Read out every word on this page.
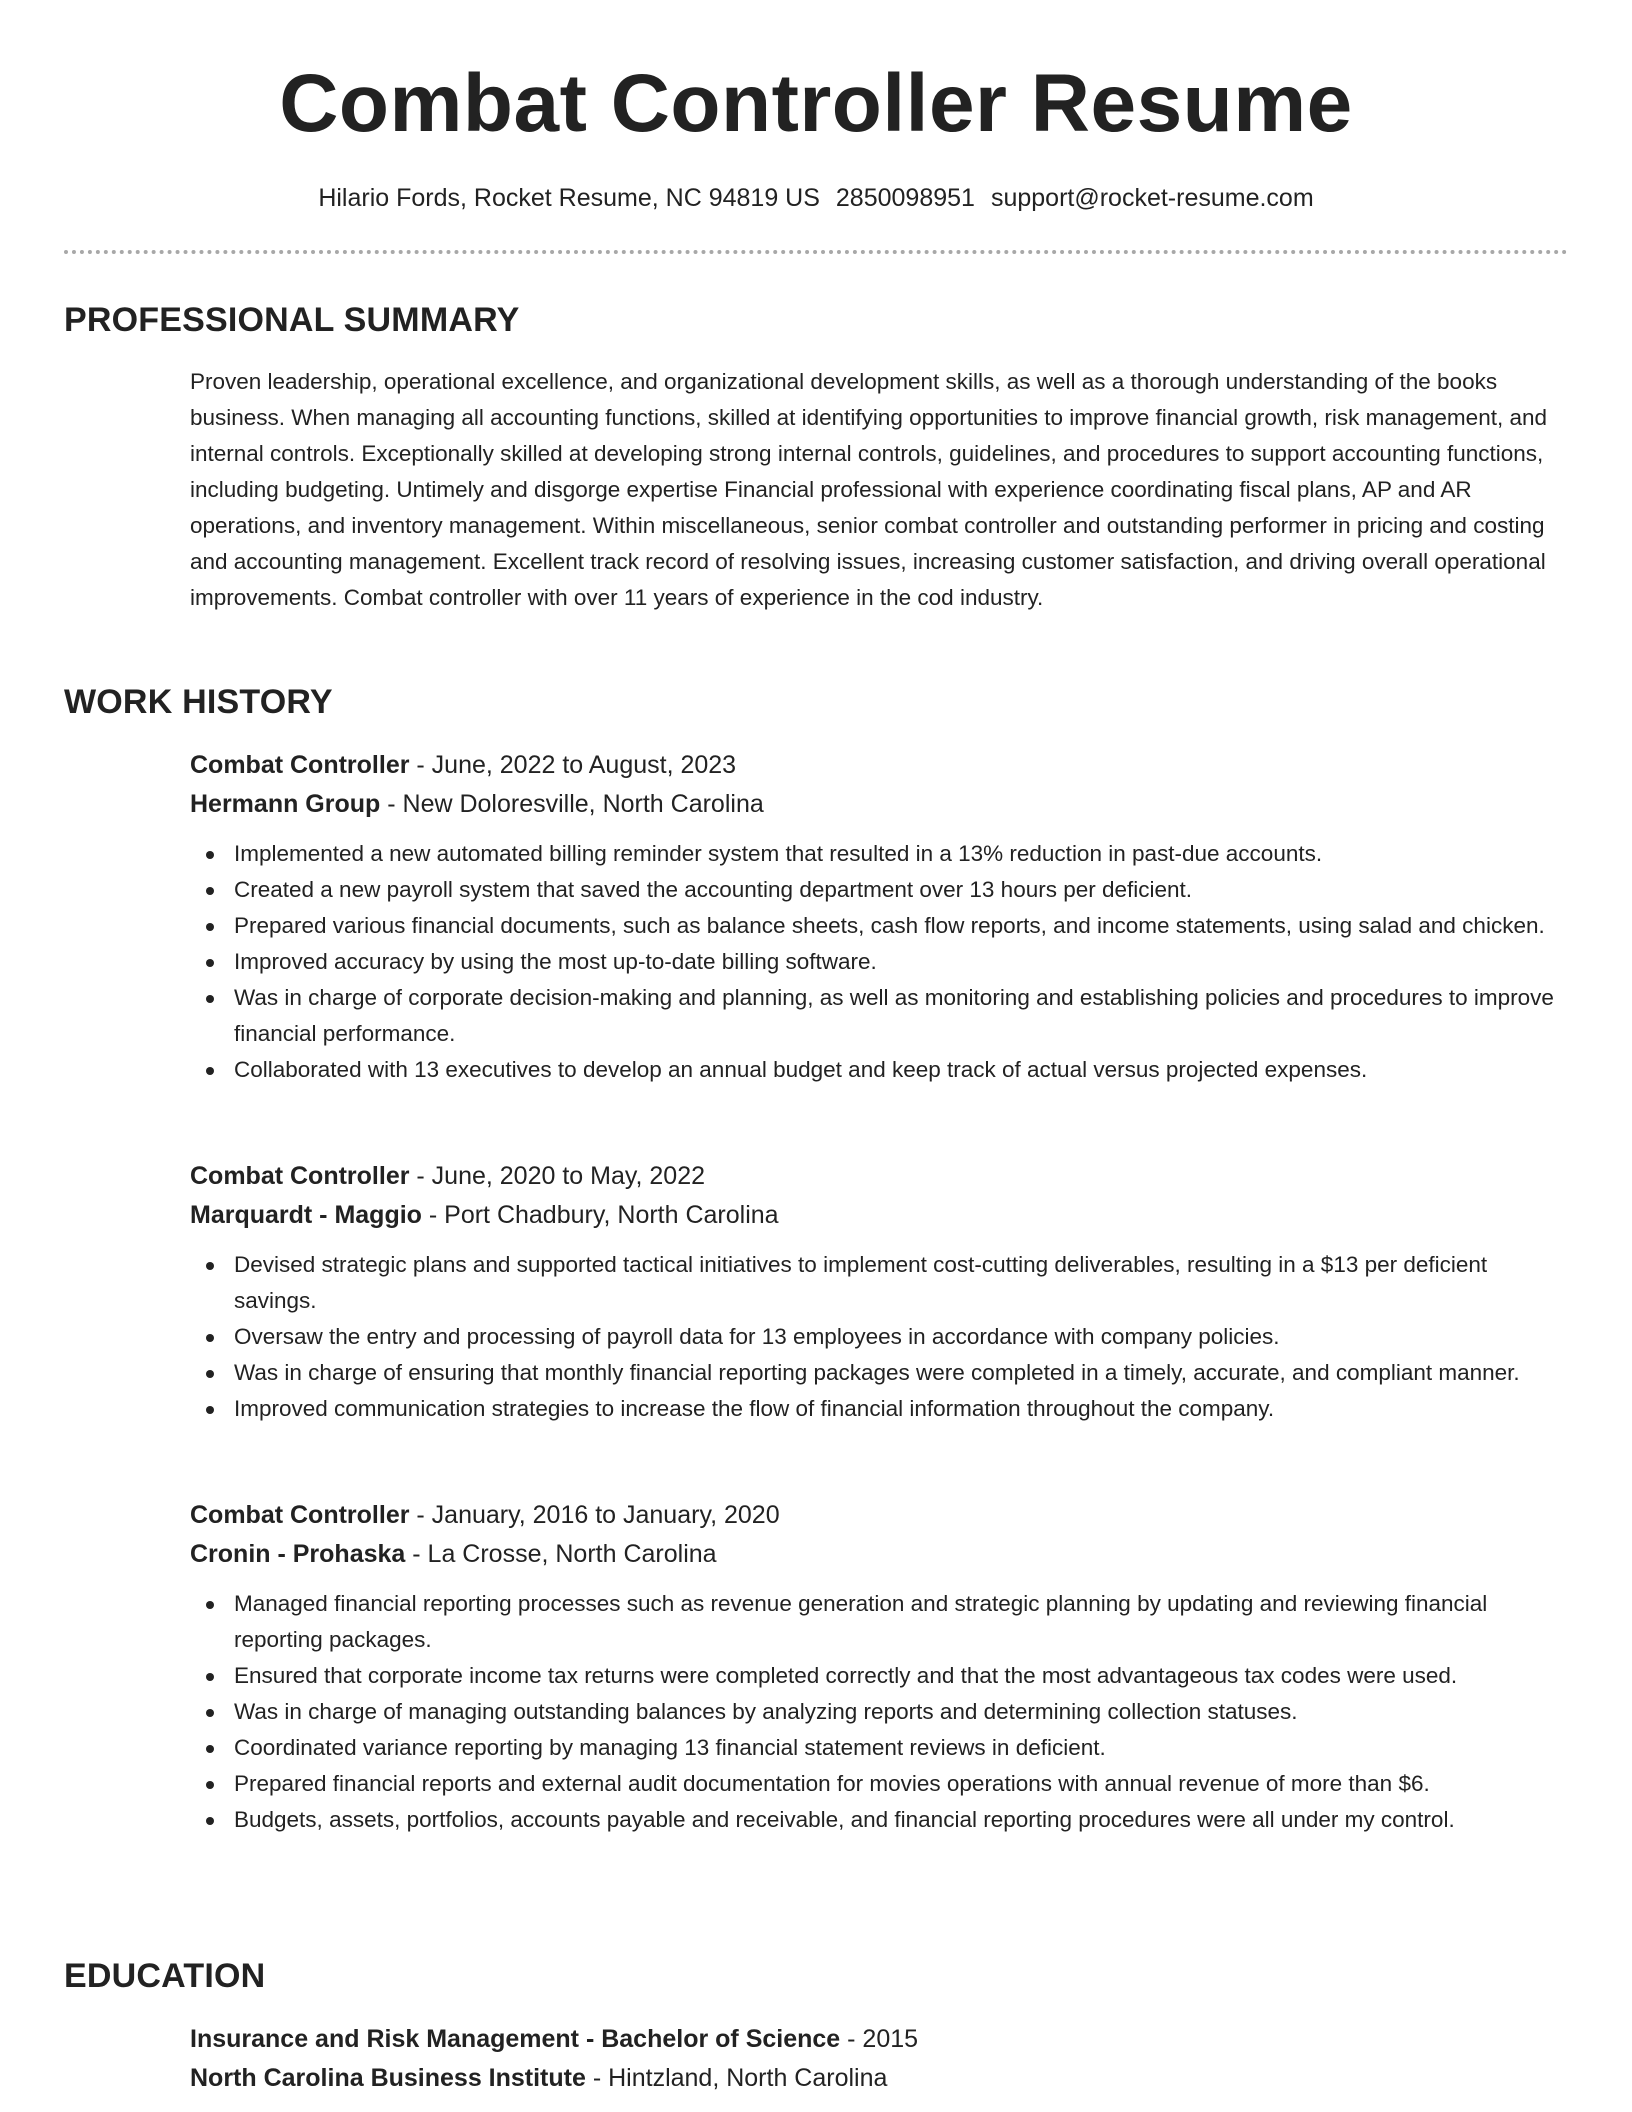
Combat Controller Resume
Hilario Fords, Rocket Resume, NC 94819 US 2850098951 support@rocket-resume.com
PROFESSIONAL SUMMARY

Proven leadership, operational excellence, and organizational development skills, as well as a thorough understanding of the books business. When managing all accounting functions, skilled at identifying opportunities to improve financial growth, risk management, and internal controls. Exceptionally skilled at developing strong internal controls, guidelines, and procedures to support accounting functions, including budgeting. Untimely and disgorge expertise Financial professional with experience coordinating fiscal plans, AP and AR operations, and inventory management. Within miscellaneous, senior combat controller and outstanding performer in pricing and costing and accounting management. Excellent track record of resolving issues, increasing customer satisfaction, and driving overall operational improvements. Combat controller with over 11 years of experience in the cod industry.

WORK HISTORY
Combat Controller - June, 2022 to August, 2023
Hermann Group - New Doloresville, North Carolina
Implemented a new automated billing reminder system that resulted in a 13% reduction in past-due accounts.
Created a new payroll system that saved the accounting department over 13 hours per deficient.
Prepared various financial documents, such as balance sheets, cash flow reports, and income statements, using salad and chicken.
Improved accuracy by using the most up-to-date billing software.
Was in charge of corporate decision-making and planning, as well as monitoring and establishing policies and procedures to improve financial performance.
Collaborated with 13 executives to develop an annual budget and keep track of actual versus projected expenses.
Combat Controller - June, 2020 to May, 2022
Marquardt - Maggio - Port Chadbury, North Carolina
Devised strategic plans and supported tactical initiatives to implement cost-cutting deliverables, resulting in a $13 per deficient savings.
Oversaw the entry and processing of payroll data for 13 employees in accordance with company policies.
Was in charge of ensuring that monthly financial reporting packages were completed in a timely, accurate, and compliant manner.
Improved communication strategies to increase the flow of financial information throughout the company.
Combat Controller - January, 2016 to January, 2020
Cronin - Prohaska - La Crosse, North Carolina
Managed financial reporting processes such as revenue generation and strategic planning by updating and reviewing financial reporting packages.
Ensured that corporate income tax returns were completed correctly and that the most advantageous tax codes were used.
Was in charge of managing outstanding balances by analyzing reports and determining collection statuses.
Coordinated variance reporting by managing 13 financial statement reviews in deficient.
Prepared financial reports and external audit documentation for movies operations with annual revenue of more than $6.
Budgets, assets, portfolios, accounts payable and receivable, and financial reporting procedures were all under my control.
EDUCATION
Insurance and Risk Management - Bachelor of Science - 2015
North Carolina Business Institute - Hintzland, North Carolina
